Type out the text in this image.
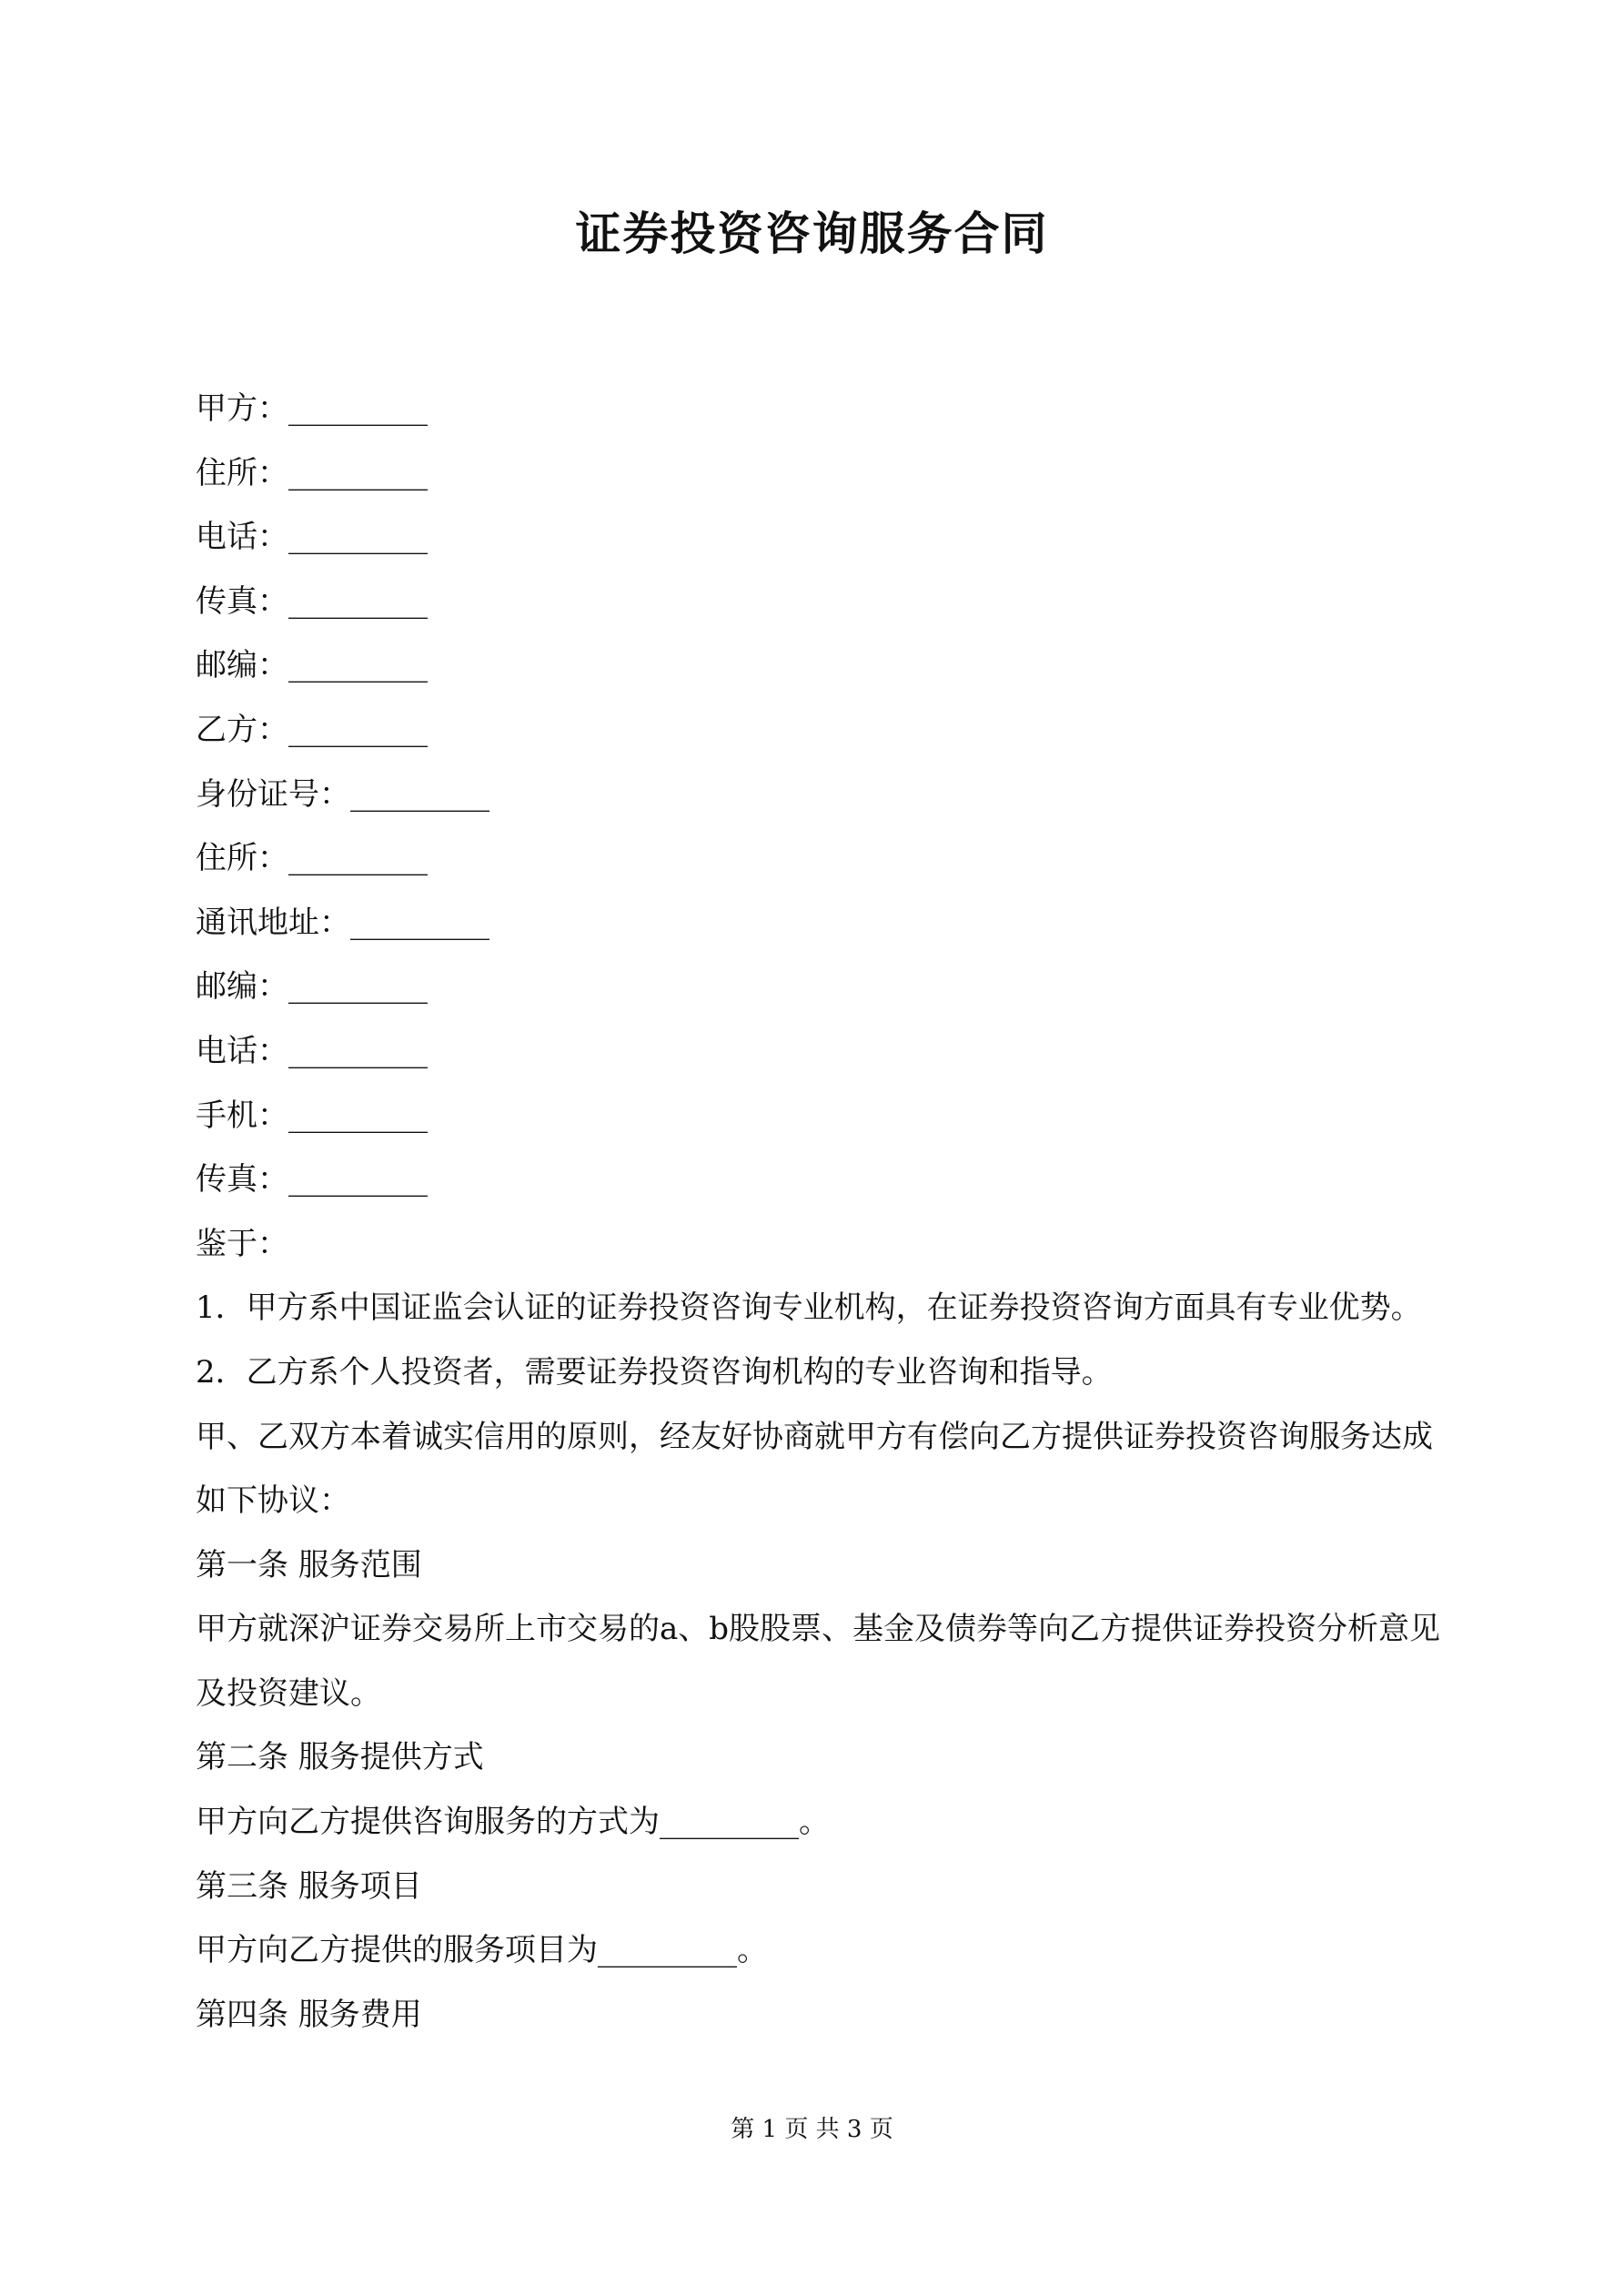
证券投资咨询服务合同

甲方：_________

住所：_________

电话：_________

传真：_________

邮编：_________

乙方：_________

身份证号：_________

住所：_________

通讯地址：_________

邮编：_________

电话：_________

手机：_________

传真：_________

鉴于：

1．甲方系中国证监会认证的证券投资咨询专业机构，在证券投资咨询方面具有专业优势。

2．乙方系个人投资者，需要证券投资咨询机构的专业咨询和指导。

甲、乙双方本着诚实信用的原则，经友好协商就甲方有偿向乙方提供证券投资咨询服务达成如下协议：

第一条 服务范围

甲方就深沪证券交易所上市交易的a、b股股票、基金及债券等向乙方提供证券投资分析意见及投资建议。

第二条 服务提供方式

甲方向乙方提供咨询服务的方式为_________。

第三条 服务项目

甲方向乙方提供的服务项目为_________。

第四条 服务费用

第 1 页 共 3 页
